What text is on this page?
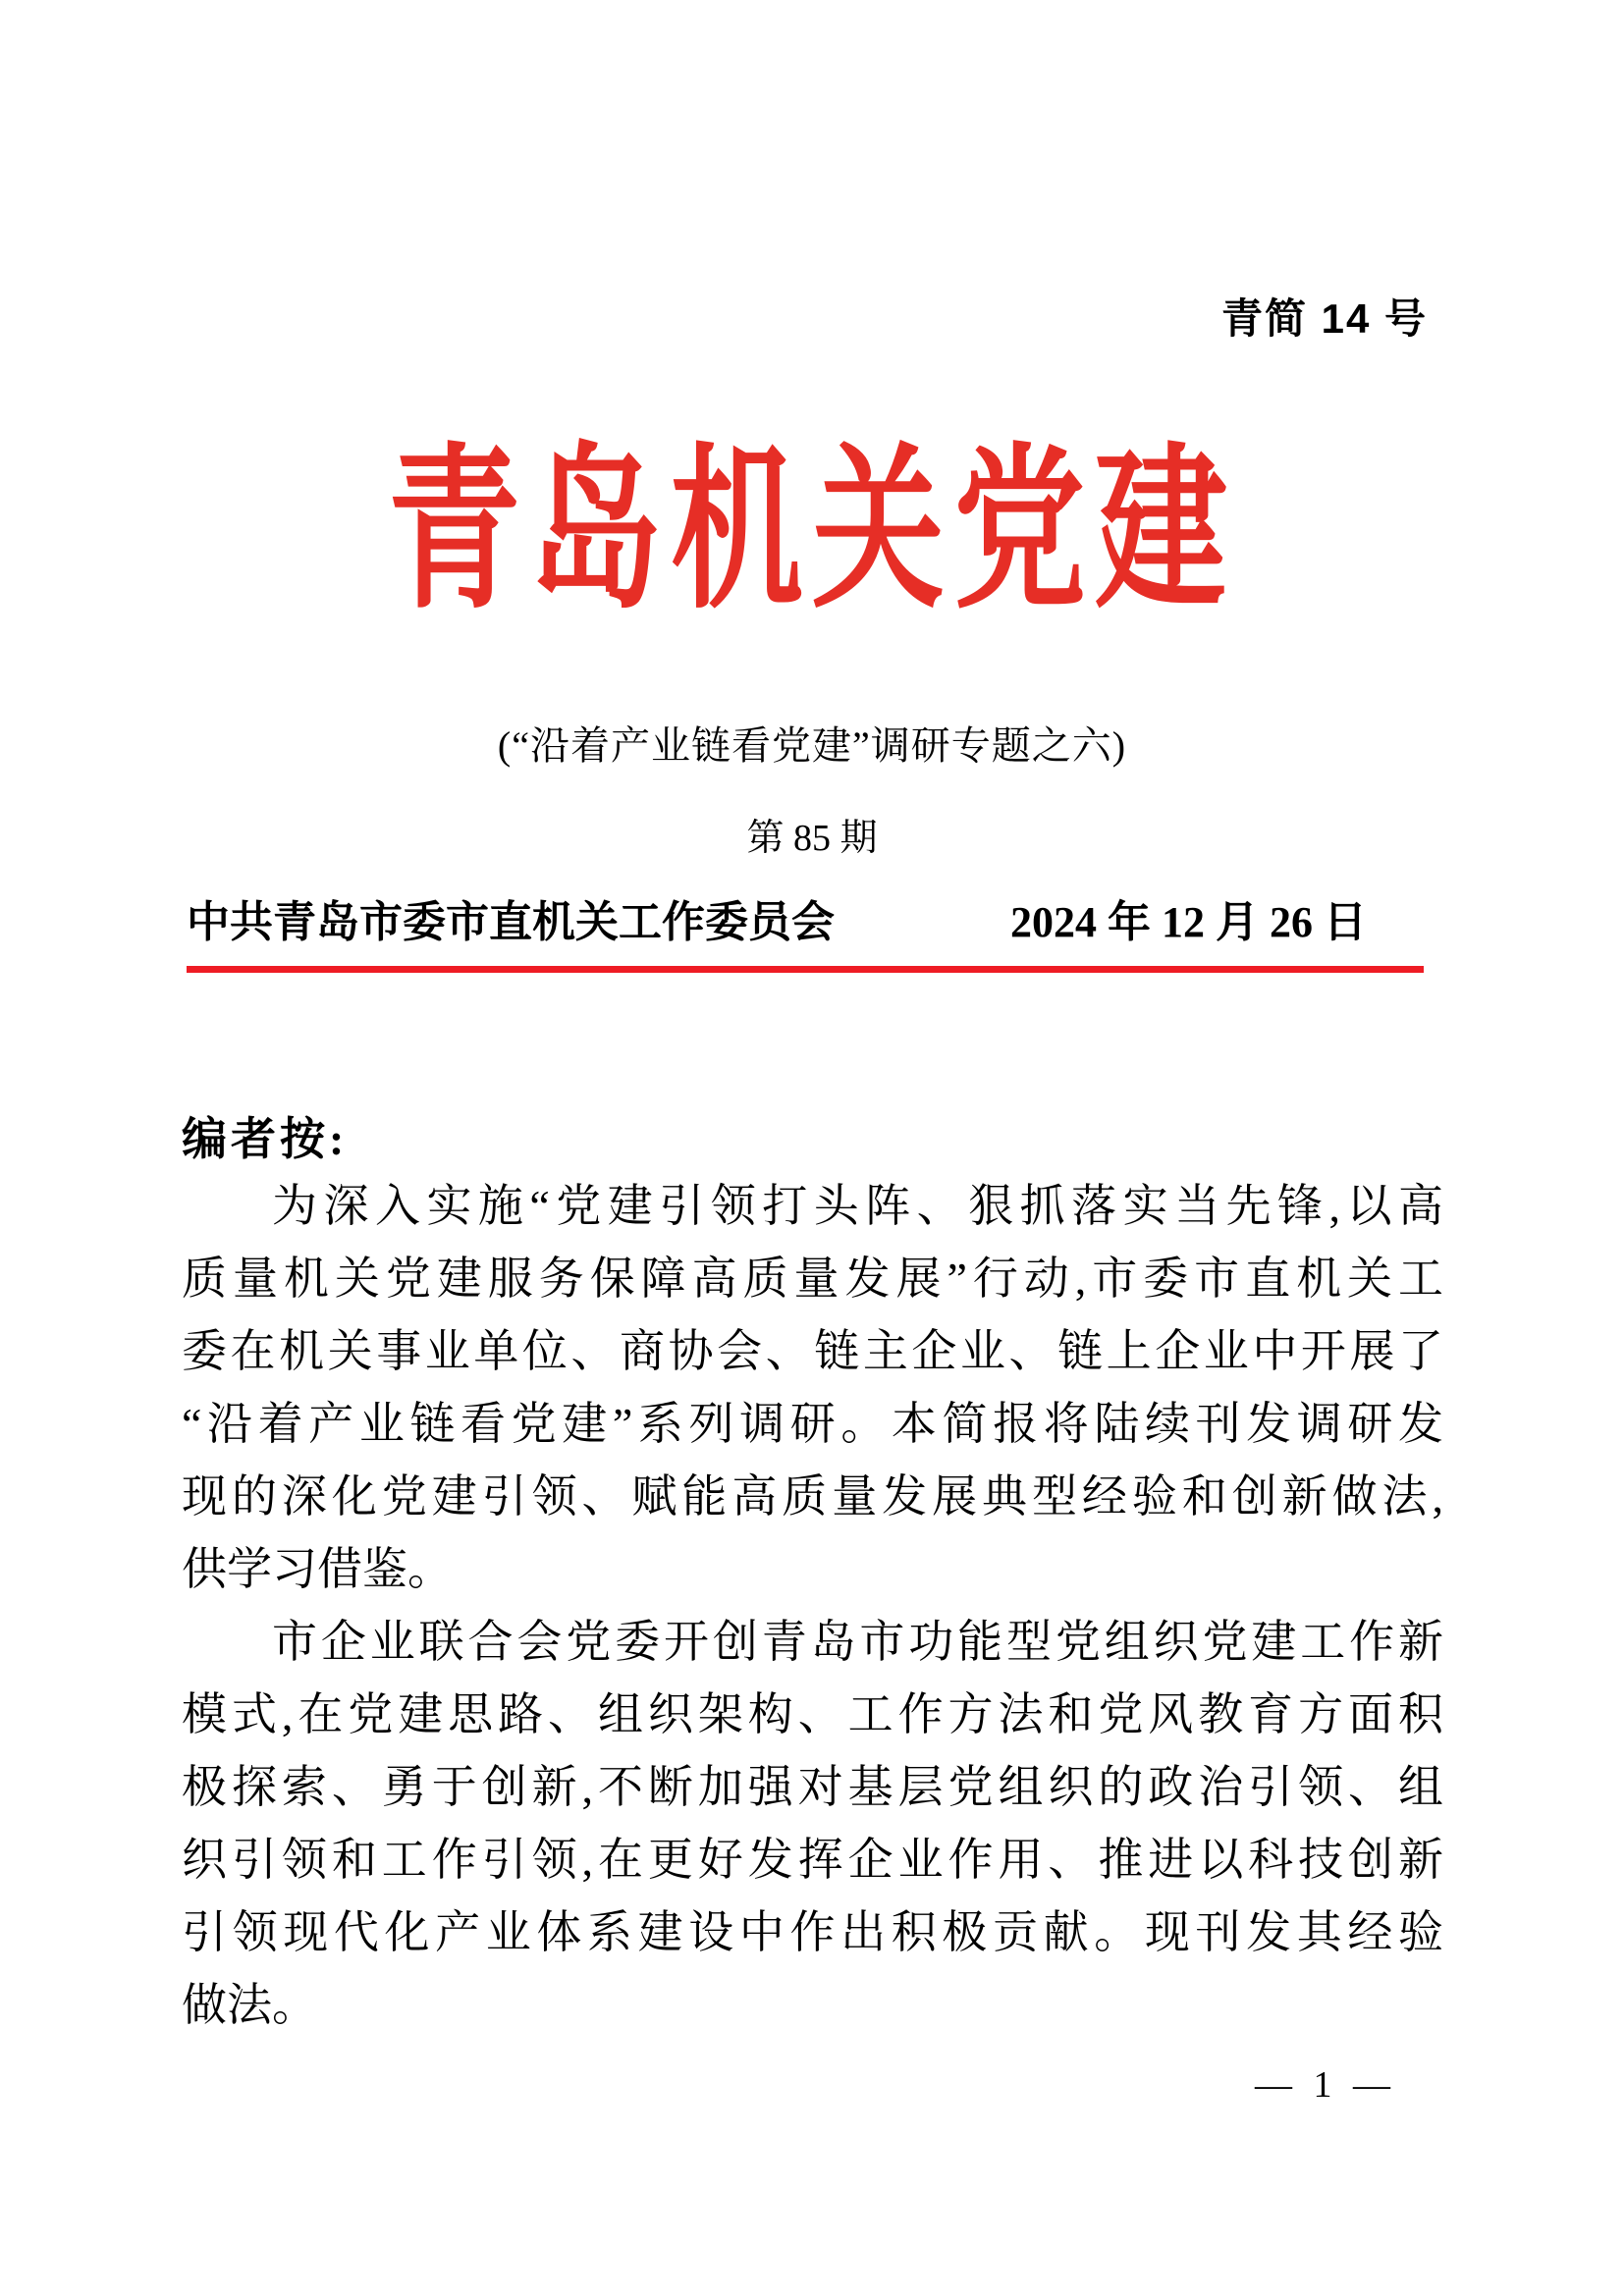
青简 14 号
青岛机关党建
(“沿着产业链看党建”调研专题之六)
第 85 期
中共青岛市委市直机关工作委员会	2024 年 12 月 26 日
编者按:
为深入实施“党建引领打头阵、狠抓落实当先锋,以高
质量机关党建服务保障高质量发展”行动,市委市直机关工
委在机关事业单位、商协会、链主企业、链上企业中开展了
“沿着产业链看党建”系列调研。本简报将陆续刊发调研发
现的深化党建引领、赋能高质量发展典型经验和创新做法,
供学习借鉴。
市企业联合会党委开创青岛市功能型党组织党建工作新
模式,在党建思路、组织架构、工作方法和党风教育方面积
极探索、勇于创新,不断加强对基层党组织的政治引领、组
织引领和工作引领,在更好发挥企业作用、推进以科技创新
引领现代化产业体系建设中作出积极贡献。现刊发其经验
做法。
— 1 —
